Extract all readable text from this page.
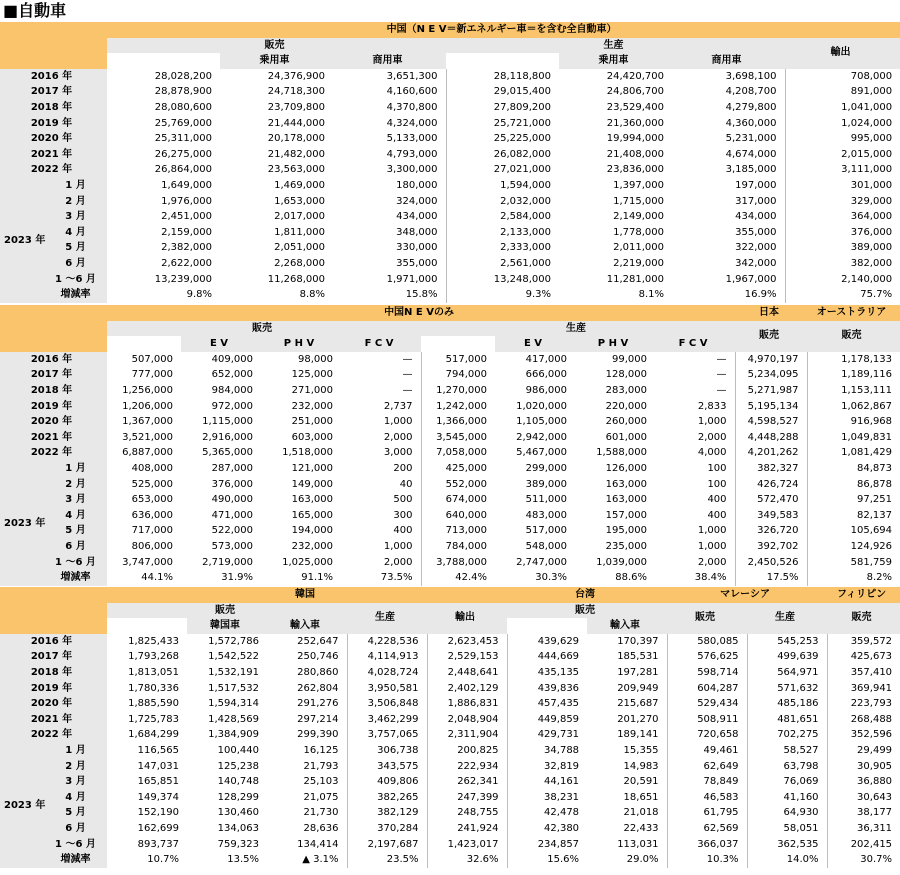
■自動車
		中国（N E V＝新エネルギー車＝を含む全自動車）						
		販売			生産			輸出
			乗用車	商用車		乗用車	商用車	
2016 年		28,028,200	24,376,900	3,651,300	28,118,800	24,420,700	3,698,100	708,000
2017 年		28,878,900	24,718,300	4,160,600	29,015,400	24,806,700	4,208,700	891,000
2018 年		28,080,600	23,709,800	4,370,800	27,809,200	23,529,400	4,279,800	1,041,000
2019 年		25,769,000	21,444,000	4,324,000	25,721,000	21,360,000	4,360,000	1,024,000
2020 年		25,311,000	20,178,000	5,133,000	25,225,000	19,994,000	5,231,000	995,000
2021 年		26,275,000	21,482,000	4,793,000	26,082,000	21,408,000	4,674,000	2,015,000
2022 年		26,864,000	23,563,000	3,300,000	27,021,000	23,836,000	3,185,000	3,111,000
2023 年	1 月	1,649,000	1,469,000	180,000	1,594,000	1,397,000	197,000	301,000
	2 月	1,976,000	1,653,000	324,000	2,032,000	1,715,000	317,000	329,000
	3 月	2,451,000	2,017,000	434,000	2,584,000	2,149,000	434,000	364,000
	4 月	2,159,000	1,811,000	348,000	2,133,000	1,778,000	355,000	376,000
	5 月	2,382,000	2,051,000	330,000	2,333,000	2,011,000	322,000	389,000
	6 月	2,622,000	2,268,000	355,000	2,561,000	2,219,000	342,000	382,000
	1 ～6 月	13,239,000	11,268,000	1,971,000	13,248,000	11,281,000	1,967,000	2,140,000
	増減率	9.8%	8.8%	15.8%	9.3%	8.1%	16.9%	75.7%
		中国N E Vのみ								日本	オーストラリア
		販売				生産				販売	販売
			E V	P H V	F C V		E V	P H V	F C V		
2016 年		507,000	409,000	98,000	—	517,000	417,000	99,000	—	4,970,197	1,178,133
2017 年		777,000	652,000	125,000	—	794,000	666,000	128,000	—	5,234,095	1,189,116
2018 年		1,256,000	984,000	271,000	—	1,270,000	986,000	283,000	—	5,271,987	1,153,111
2019 年		1,206,000	972,000	232,000	2,737	1,242,000	1,020,000	220,000	2,833	5,195,134	1,062,867
2020 年		1,367,000	1,115,000	251,000	1,000	1,366,000	1,105,000	260,000	1,000	4,598,527	916,968
2021 年		3,521,000	2,916,000	603,000	2,000	3,545,000	2,942,000	601,000	2,000	4,448,288	1,049,831
2022 年		6,887,000	5,365,000	1,518,000	3,000	7,058,000	5,467,000	1,588,000	4,000	4,201,262	1,081,429
2023 年	1 月	408,000	287,000	121,000	200	425,000	299,000	126,000	100	382,327	84,873
	2 月	525,000	376,000	149,000	40	552,000	389,000	163,000	100	426,724	86,878
	3 月	653,000	490,000	163,000	500	674,000	511,000	163,000	400	572,470	97,251
	4 月	636,000	471,000	165,000	300	640,000	483,000	157,000	400	349,583	82,137
	5 月	717,000	522,000	194,000	400	713,000	517,000	195,000	1,000	326,720	105,694
	6 月	806,000	573,000	232,000	1,000	784,000	548,000	235,000	1,000	392,702	124,926
	1 ～6 月	3,747,000	2,719,000	1,025,000	2,000	3,788,000	2,747,000	1,039,000	2,000	2,450,526	581,759
	増減率	44.1%	31.9%	91.1%	73.5%	42.4%	30.3%	88.6%	38.4%	17.5%	8.2%
		韓国					台湾		マレーシア		フィリピン
		販売			生産	輸出	販売		販売	生産	販売
			韓国車	輸入車				輸入車			
2016 年		1,825,433	1,572,786	252,647	4,228,536	2,623,453	439,629	170,397	580,085	545,253	359,572
2017 年		1,793,268	1,542,522	250,746	4,114,913	2,529,153	444,669	185,531	576,625	499,639	425,673
2018 年		1,813,051	1,532,191	280,860	4,028,724	2,448,641	435,135	197,281	598,714	564,971	357,410
2019 年		1,780,336	1,517,532	262,804	3,950,581	2,402,129	439,836	209,949	604,287	571,632	369,941
2020 年		1,885,590	1,594,314	291,276	3,506,848	1,886,831	457,435	215,687	529,434	485,186	223,793
2021 年		1,725,783	1,428,569	297,214	3,462,299	2,048,904	449,859	201,270	508,911	481,651	268,488
2022 年		1,684,299	1,384,909	299,390	3,757,065	2,311,904	429,731	189,141	720,658	702,275	352,596
2023 年	1 月	116,565	100,440	16,125	306,738	200,825	34,788	15,355	49,461	58,527	29,499
	2 月	147,031	125,238	21,793	343,575	222,934	32,819	14,983	62,649	63,798	30,905
	3 月	165,851	140,748	25,103	409,806	262,341	44,161	20,591	78,849	76,069	36,880
	4 月	149,374	128,299	21,075	382,265	247,399	38,231	18,651	46,583	41,160	30,643
	5 月	152,190	130,460	21,730	382,129	248,755	42,478	21,018	61,795	64,930	38,177
	6 月	162,699	134,063	28,636	370,284	241,924	42,380	22,433	62,569	58,051	36,311
	1 ～6 月	893,737	759,323	134,414	2,197,687	1,423,017	234,857	113,031	366,037	362,535	202,415
	増減率	10.7%	13.5%	▲ 3.1%	23.5%	32.6%	15.6%	29.0%	10.3%	14.0%	30.7%
